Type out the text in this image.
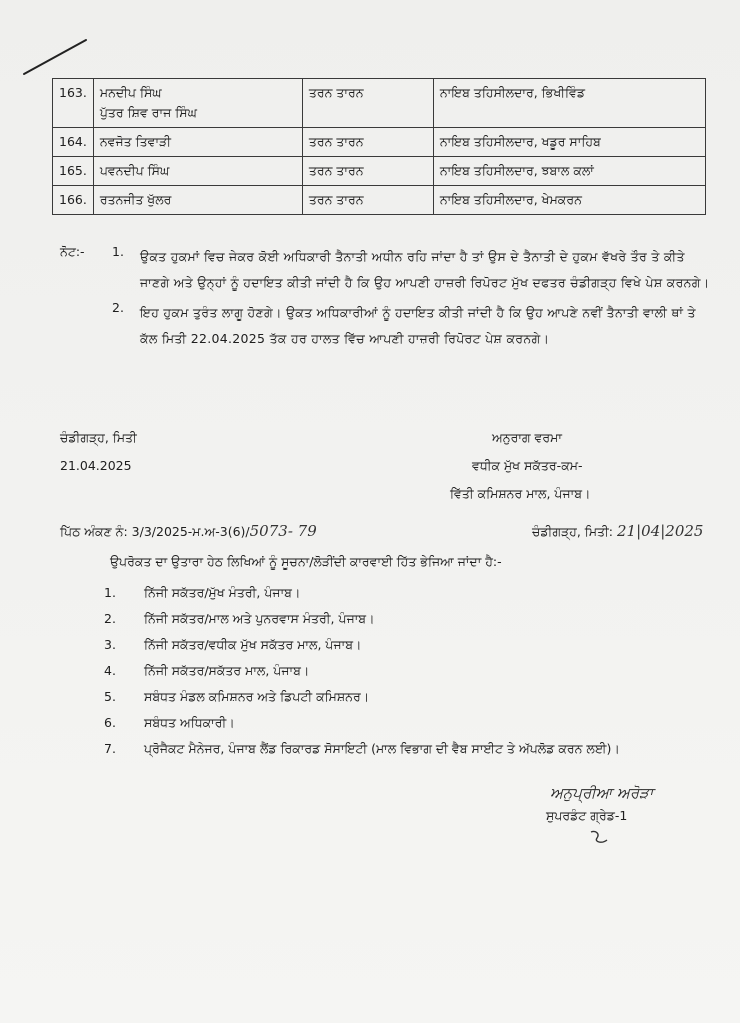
163.	ਮਨਦੀਪ ਸਿੰਘ
ਪੁੱਤਰ ਸ਼ਿਵ ਰਾਜ ਸਿੰਘ	ਤਰਨ ਤਾਰਨ	ਨਾਇਬ ਤਹਿਸੀਲਦਾਰ, ਭਿਖੀਵਿੰਡ
164.	ਨਵਜੋਤ ਤਿਵਾੜੀ	ਤਰਨ ਤਾਰਨ	ਨਾਇਬ ਤਹਿਸੀਲਦਾਰ, ਖਡੂਰ ਸਾਹਿਬ
165.	ਪਵਨਦੀਪ ਸਿੰਘ	ਤਰਨ ਤਾਰਨ	ਨਾਇਬ ਤਹਿਸੀਲਦਾਰ, ਝਬਾਲ ਕਲਾਂ
166.	ਰਤਨਜੀਤ ਖੁੱਲਰ	ਤਰਨ ਤਾਰਨ	ਨਾਇਬ ਤਹਿਸੀਲਦਾਰ, ਖੇਮਕਰਨ
ਨੋਟ:-	1.	ਉਕਤ ਹੁਕਮਾਂ ਵਿਚ ਜੇਕਰ ਕੋਈ ਅਧਿਕਾਰੀ ਤੈਨਾਤੀ ਅਧੀਨ ਰਹਿ ਜਾਂਦਾ ਹੈ ਤਾਂ ਉਸ ਦੇ ਤੈਨਾਤੀ ਦੇ ਹੁਕਮ ਵੱਖਰੇ ਤੌਰ ਤੇ ਕੀਤੇ ਜਾਣਗੇ ਅਤੇ ਉਨ੍ਹਾਂ ਨੂੰ ਹਦਾਇਤ ਕੀਤੀ ਜਾਂਦੀ ਹੈ ਕਿ ਉਹ ਆਪਣੀ ਹਾਜ਼ਰੀ ਰਿਪੋਰਟ ਮੁੱਖ ਦਫਤਰ ਚੰਡੀਗੜ੍ਹ ਵਿਖੇ ਪੇਸ਼ ਕਰਨਗੇ।
2.	ਇਹ ਹੁਕਮ ਤੁਰੰਤ ਲਾਗੂ ਹੋਣਗੇ। ਉਕਤ ਅਧਿਕਾਰੀਆਂ ਨੂੰ ਹਦਾਇਤ ਕੀਤੀ ਜਾਂਦੀ ਹੈ ਕਿ ਉਹ ਆਪਣੇ ਨਵੀਂ ਤੈਨਾਤੀ ਵਾਲੀ ਥਾਂ ਤੇ ਕੱਲ ਮਿਤੀ 22.04.2025 ਤੱਕ ਹਰ ਹਾਲਤ ਵਿੱਚ ਆਪਣੀ ਹਾਜ਼ਰੀ ਰਿਪੋਰਟ ਪੇਸ਼ ਕਰਨਗੇ।
ਚੰਡੀਗੜ੍ਹ, ਮਿਤੀ
21.04.2025
ਅਨੁਰਾਗ ਵਰਮਾ
ਵਧੀਕ ਮੁੱਖ ਸਕੱਤਰ-ਕਮ-
ਵਿੱਤੀ ਕਮਿਸ਼ਨਰ ਮਾਲ, ਪੰਜਾਬ।
ਪਿੱਠ ਅੰਕਣ ਨੰ: 3/3/2025-ਮ.ਅ-3(6)/5073- 79	ਚੰਡੀਗੜ੍ਹ, ਮਿਤੀ: 21|04|2025
ਉਪਰੋਕਤ ਦਾ ਉਤਾਰਾ ਹੇਠ ਲਿਖਿਆਂ ਨੂੰ ਸੂਚਨਾ/ਲੋੜੀਂਦੀ ਕਾਰਵਾਈ ਹਿੱਤ ਭੇਜਿਆ ਜਾਂਦਾ ਹੈ:-
1.	ਨਿੱਜੀ ਸਕੱਤਰ/ਮੁੱਖ ਮੰਤਰੀ, ਪੰਜਾਬ।
2.	ਨਿੱਜੀ ਸਕੱਤਰ/ਮਾਲ ਅਤੇ ਪੁਨਰਵਾਸ ਮੰਤਰੀ, ਪੰਜਾਬ।
3.	ਨਿੱਜੀ ਸਕੱਤਰ/ਵਧੀਕ ਮੁੱਖ ਸਕੱਤਰ ਮਾਲ, ਪੰਜਾਬ।
4.	ਨਿੱਜੀ ਸਕੱਤਰ/ਸਕੱਤਰ ਮਾਲ, ਪੰਜਾਬ।
5.	ਸਬੰਧਤ ਮੰਡਲ ਕਮਿਸ਼ਨਰ ਅਤੇ ਡਿਪਟੀ ਕਮਿਸ਼ਨਰ।
6.	ਸਬੰਧਤ ਅਧਿਕਾਰੀ।
7.	ਪ੍ਰੋਜੈਕਟ ਮੈਨੇਜਰ, ਪੰਜਾਬ ਲੈਂਡ ਰਿਕਾਰਡ ਸੋਸਾਇਟੀ (ਮਾਲ ਵਿਭਾਗ ਦੀ ਵੈਬ ਸਾਈਟ ਤੇ ਅੱਪਲੋਡ ਕਰਨ ਲਈ)।
ਅਨੁਪ੍ਰੀਆ ਅਰੋੜਾ
ਸੁਪਰਡੰਟ ਗ੍ਰੇਡ-1
